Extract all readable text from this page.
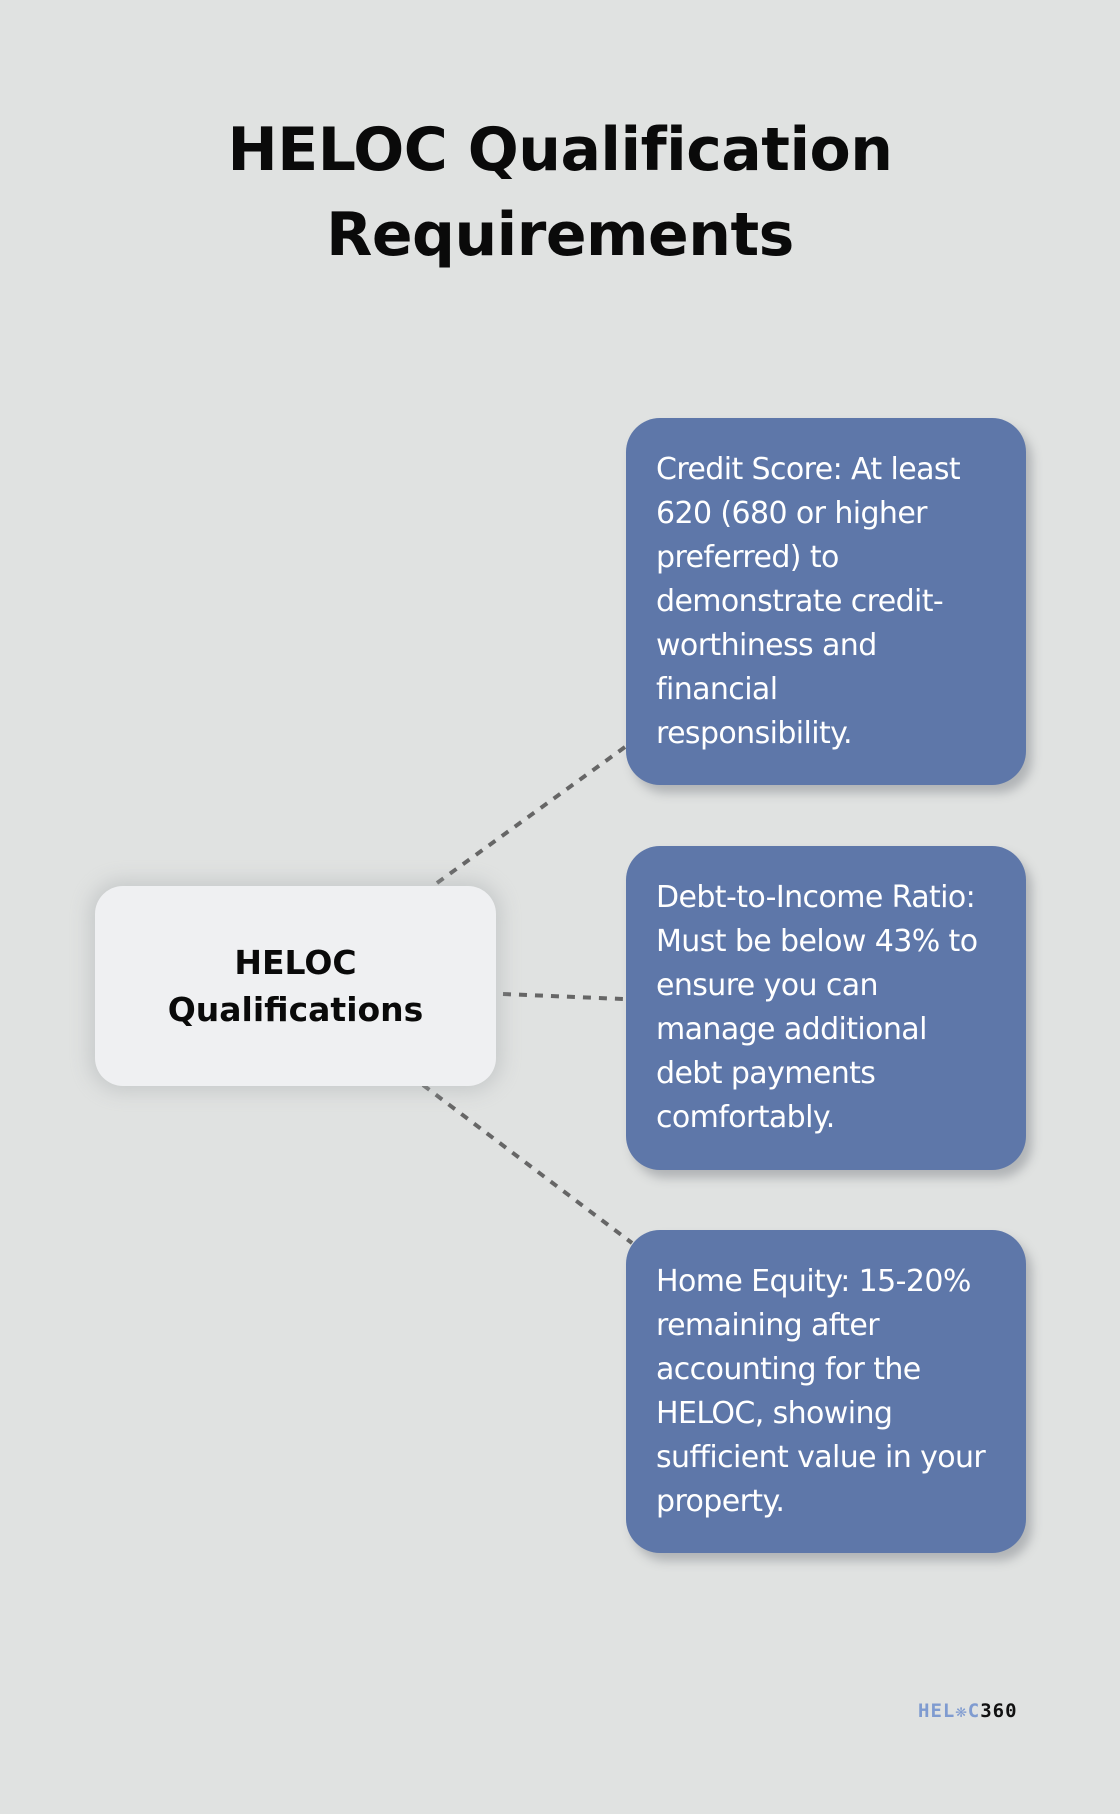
HELOC Qualification
Requirements
HELOC
Qualifications
Credit Score: At least
620 (680 or higher
preferred) to
demonstrate credit-
worthiness and
financial
responsibility.
Debt-to-Income Ratio:
Must be below 43% to
ensure you can
manage additional
debt payments
comfortably.
Home Equity: 15-20%
remaining after
accounting for the
HELOC, showing
sufficient value in your
property.
HEL❋C360
